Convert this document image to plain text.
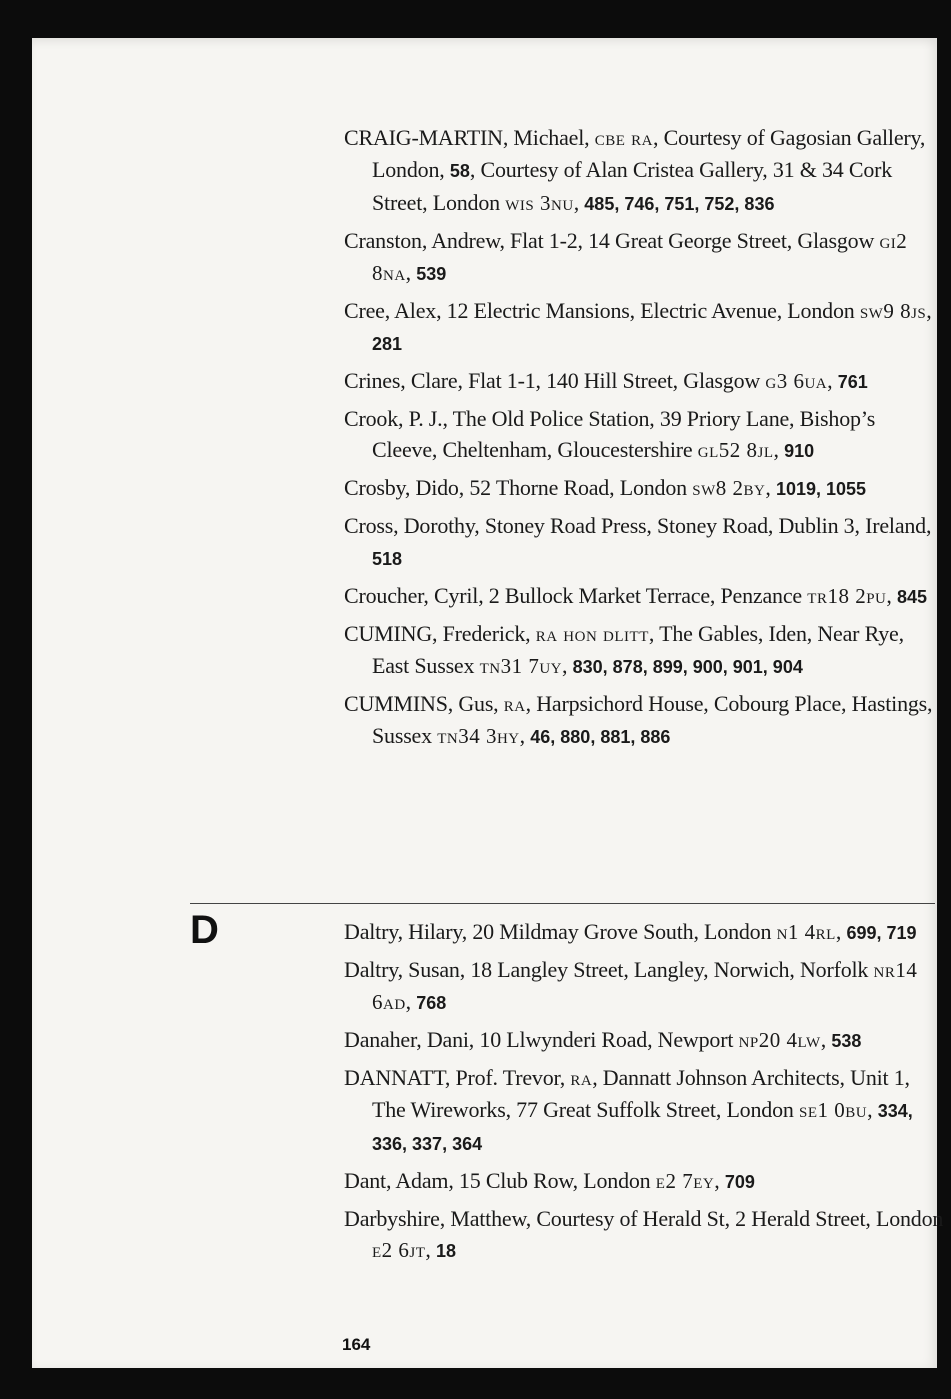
CRAIG-MARTIN, Michael, cbe ra, Courtesy of Gagosian Gallery, London, 58, Courtesy of Alan Cristea Gallery, 31 & 34 Cork Street, London wis 3nu, 485, 746, 751, 752, 836
Cranston, Andrew, Flat 1-2, 14 Great George Street, Glasgow gi2 8na, 539
Cree, Alex, 12 Electric Mansions, Electric Avenue, London sw9 8js, 281
Crines, Clare, Flat 1-1, 140 Hill Street, Glasgow g3 6ua, 761
Crook, P. J., The Old Police Station, 39 Priory Lane, Bishop’s Cleeve, Cheltenham, Gloucestershire gl52 8jl, 910
Crosby, Dido, 52 Thorne Road, London sw8 2by, 1019, 1055
Cross, Dorothy, Stoney Road Press, Stoney Road, Dublin 3, Ireland, 518
Croucher, Cyril, 2 Bullock Market Terrace, Penzance tr18 2pu, 845
CUMING, Frederick, ra hon dlitt, The Gables, Iden, Near Rye, East Sussex tn31 7uy, 830, 878, 899, 900, 901, 904
CUMMINS, Gus, ra, Harpsichord House, Cobourg Place, Hastings, Sussex tn34 3hy, 46, 880, 881, 886
D	Daltry, Hilary, 20 Mildmay Grove South, London n1 4rl, 699, 719
Daltry, Susan, 18 Langley Street, Langley, Norwich, Norfolk nr14 6ad, 768
Danaher, Dani, 10 Llwynderi Road, Newport np20 4lw, 538
DANNATT, Prof. Trevor, ra, Dannatt Johnson Architects, Unit 1, The Wireworks, 77 Great Suffolk Street, London se1 0bu, 334, 336, 337, 364
Dant, Adam, 15 Club Row, London e2 7ey, 709
Darbyshire, Matthew, Courtesy of Herald St, 2 Herald Street, London e2 6jt, 18
164
